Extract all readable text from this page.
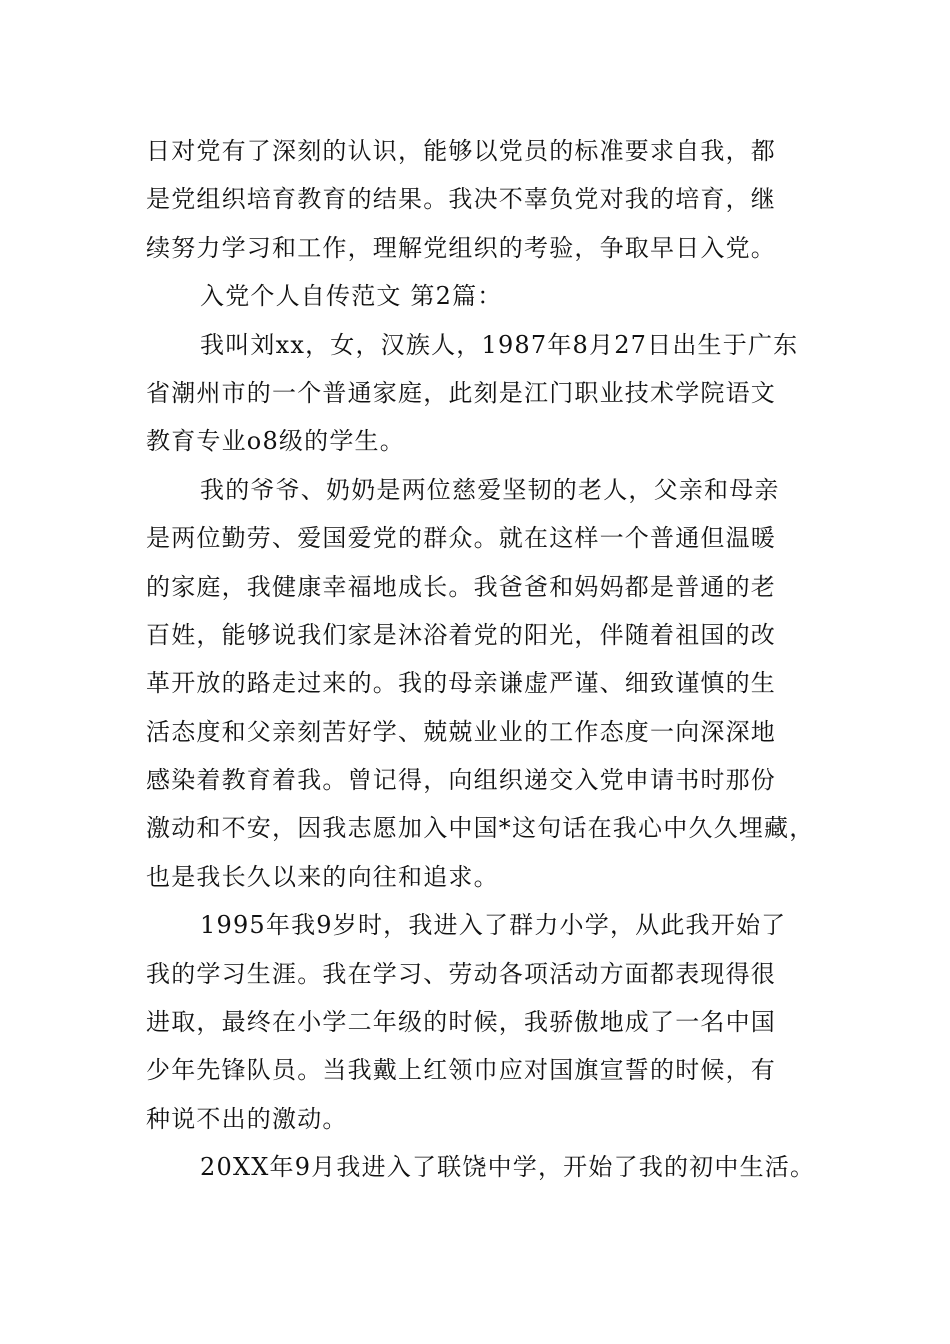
日对党有了深刻的认识，能够以党员的标准要求自我，都
是党组织培育教育的结果。我决不辜负党对我的培育，继
续努力学习和工作，理解党组织的考验，争取早日入党。
入党个人自传范文 第2篇：
我叫刘xx，女，汉族人，1987年8月27日出生于广东
省潮州市的一个普通家庭，此刻是江门职业技术学院语文
教育专业o8级的学生。
我的爷爷、奶奶是两位慈爱坚韧的老人，父亲和母亲
是两位勤劳、爱国爱党的群众。就在这样一个普通但温暖
的家庭，我健康幸福地成长。我爸爸和妈妈都是普通的老
百姓，能够说我们家是沐浴着党的阳光，伴随着祖国的改
革开放的路走过来的。我的母亲谦虚严谨、细致谨慎的生
活态度和父亲刻苦好学、兢兢业业的工作态度一向深深地
感染着教育着我。曾记得，向组织递交入党申请书时那份
激动和不安，因我志愿加入中国*这句话在我心中久久埋藏，
也是我长久以来的向往和追求。
1995年我9岁时，我进入了群力小学，从此我开始了
我的学习生涯。我在学习、劳动各项活动方面都表现得很
进取，最终在小学二年级的时候，我骄傲地成了一名中国
少年先锋队员。当我戴上红领巾应对国旗宣誓的时候，有
种说不出的激动。
20XX年9月我进入了联饶中学，开始了我的初中生活。
